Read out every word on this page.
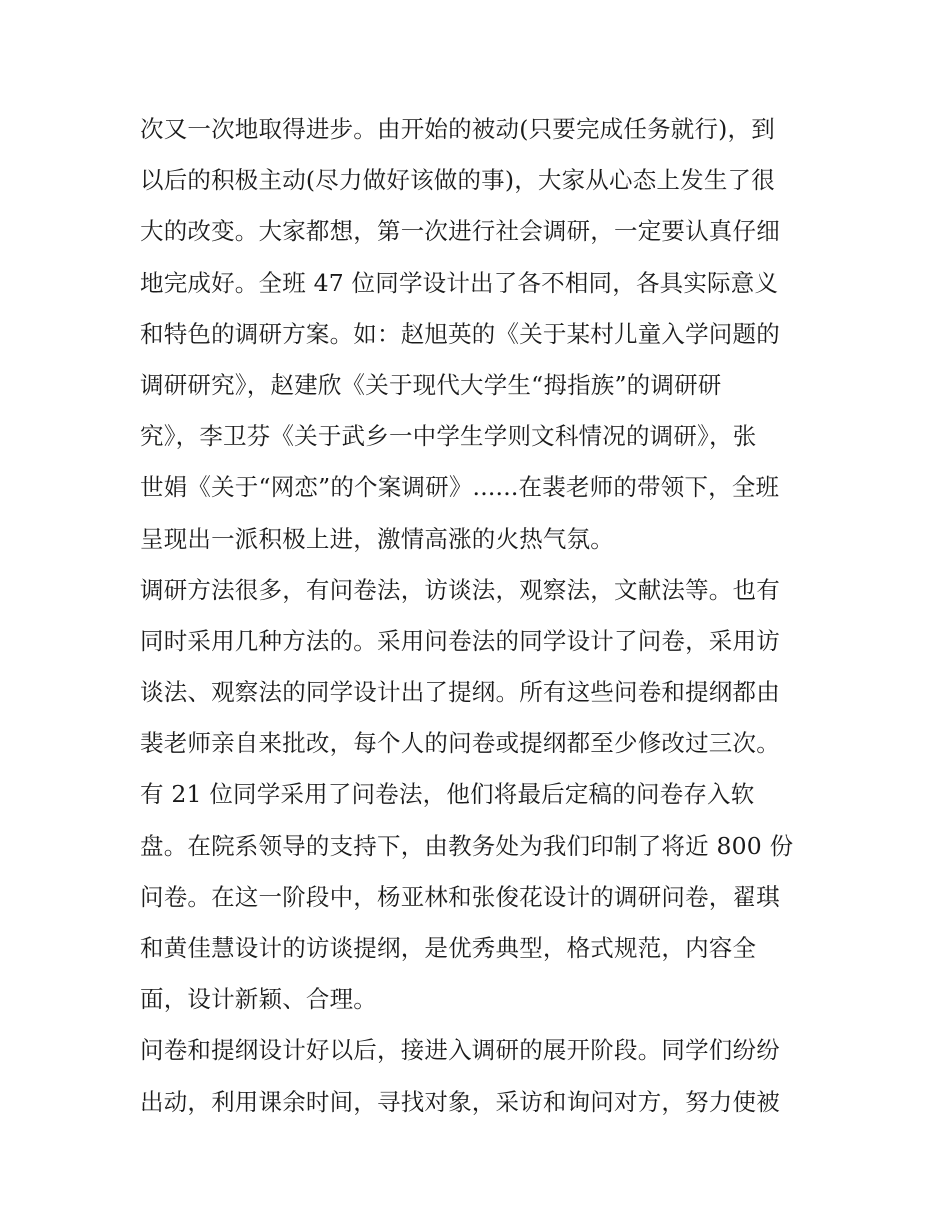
次又一次地取得进步。由开始的被动(只要完成任务就行)，到
以后的积极主动(尽力做好该做的事)，大家从心态上发生了很
大的改变。大家都想，第一次进行社会调研，一定要认真仔细
地完成好。全班 47 位同学设计出了各不相同，各具实际意义
和特色的调研方案。如：赵旭英的《关于某村儿童入学问题的
调研研究》，赵建欣《关于现代大学生“拇指族”的调研研
究》，李卫芬《关于武乡一中学生学则文科情况的调研》，张
世娟《关于“网恋”的个案调研》......在裴老师的带领下，全班
呈现出一派积极上进，激情高涨的火热气氛。
调研方法很多，有问卷法，访谈法，观察法，文献法等。也有
同时采用几种方法的。采用问卷法的同学设计了问卷，采用访
谈法、观察法的同学设计出了提纲。所有这些问卷和提纲都由
裴老师亲自来批改，每个人的问卷或提纲都至少修改过三次。
有 21 位同学采用了问卷法，他们将最后定稿的问卷存入软
盘。在院系领导的支持下，由教务处为我们印制了将近 800 份
问卷。在这一阶段中，杨亚林和张俊花设计的调研问卷，翟琪
和黄佳慧设计的访谈提纲，是优秀典型，格式规范，内容全
面，设计新颖、合理。
问卷和提纲设计好以后，接进入调研的展开阶段。同学们纷纷
出动，利用课余时间，寻找对象，采访和询问对方，努力使被
